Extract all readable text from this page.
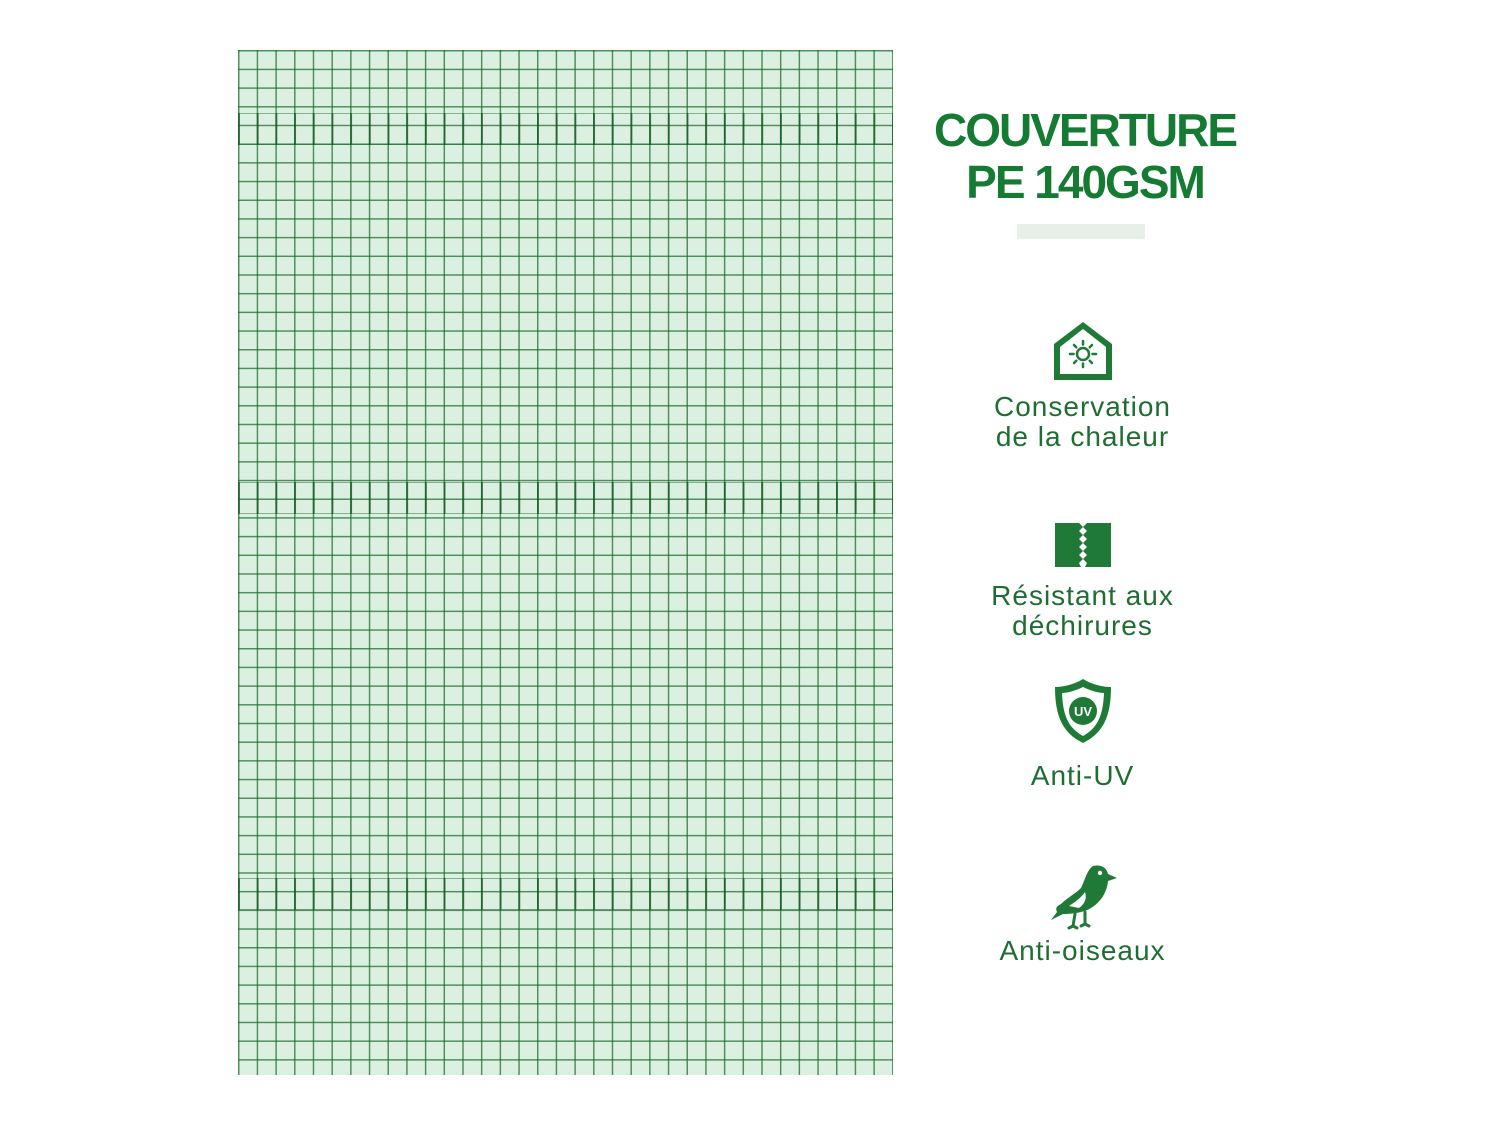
COUVERTURE
PE 140GSM
Conservation
de la chaleur
Résistant aux
déchirures
UV
Anti-UV
Anti-oiseaux
